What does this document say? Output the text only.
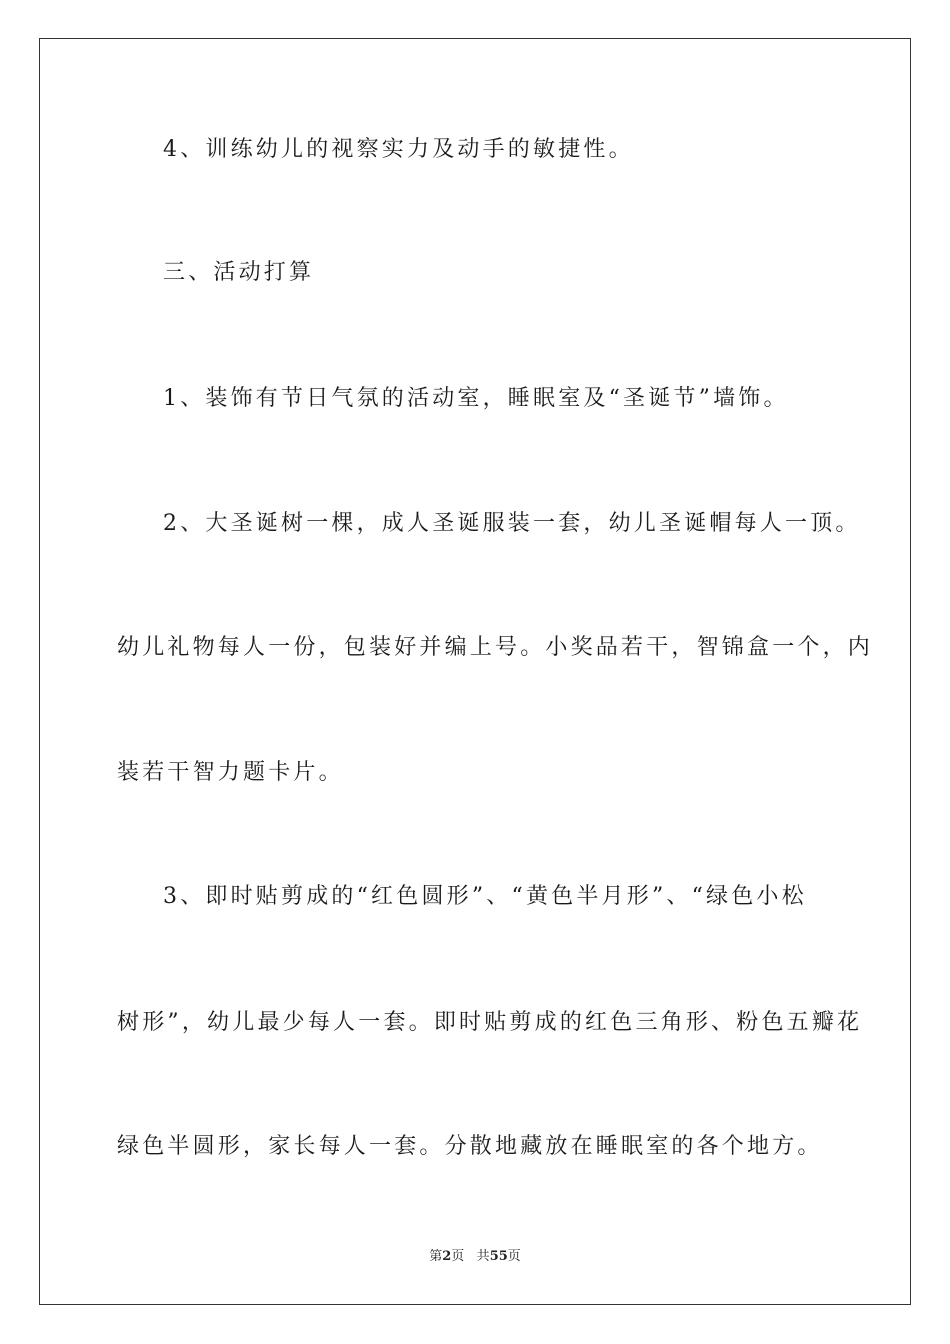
4、训练幼儿的视察实力及动手的敏捷性。
三、活动打算
1、装饰有节日气氛的活动室，睡眠室及“圣诞节”墙饰。
2、大圣诞树一棵，成人圣诞服装一套，幼儿圣诞帽每人一顶。
幼儿礼物每人一份，包装好并编上号。小奖品若干，智锦盒一个，内
装若干智力题卡片。
3、即时贴剪成的“红色圆形”、“黄色半月形”、“绿色小松
树形”，幼儿最少每人一套。即时贴剪成的红色三角形、粉色五瓣花
绿色半圆形，家长每人一套。分散地藏放在睡眠室的各个地方。
第2页 共55页
